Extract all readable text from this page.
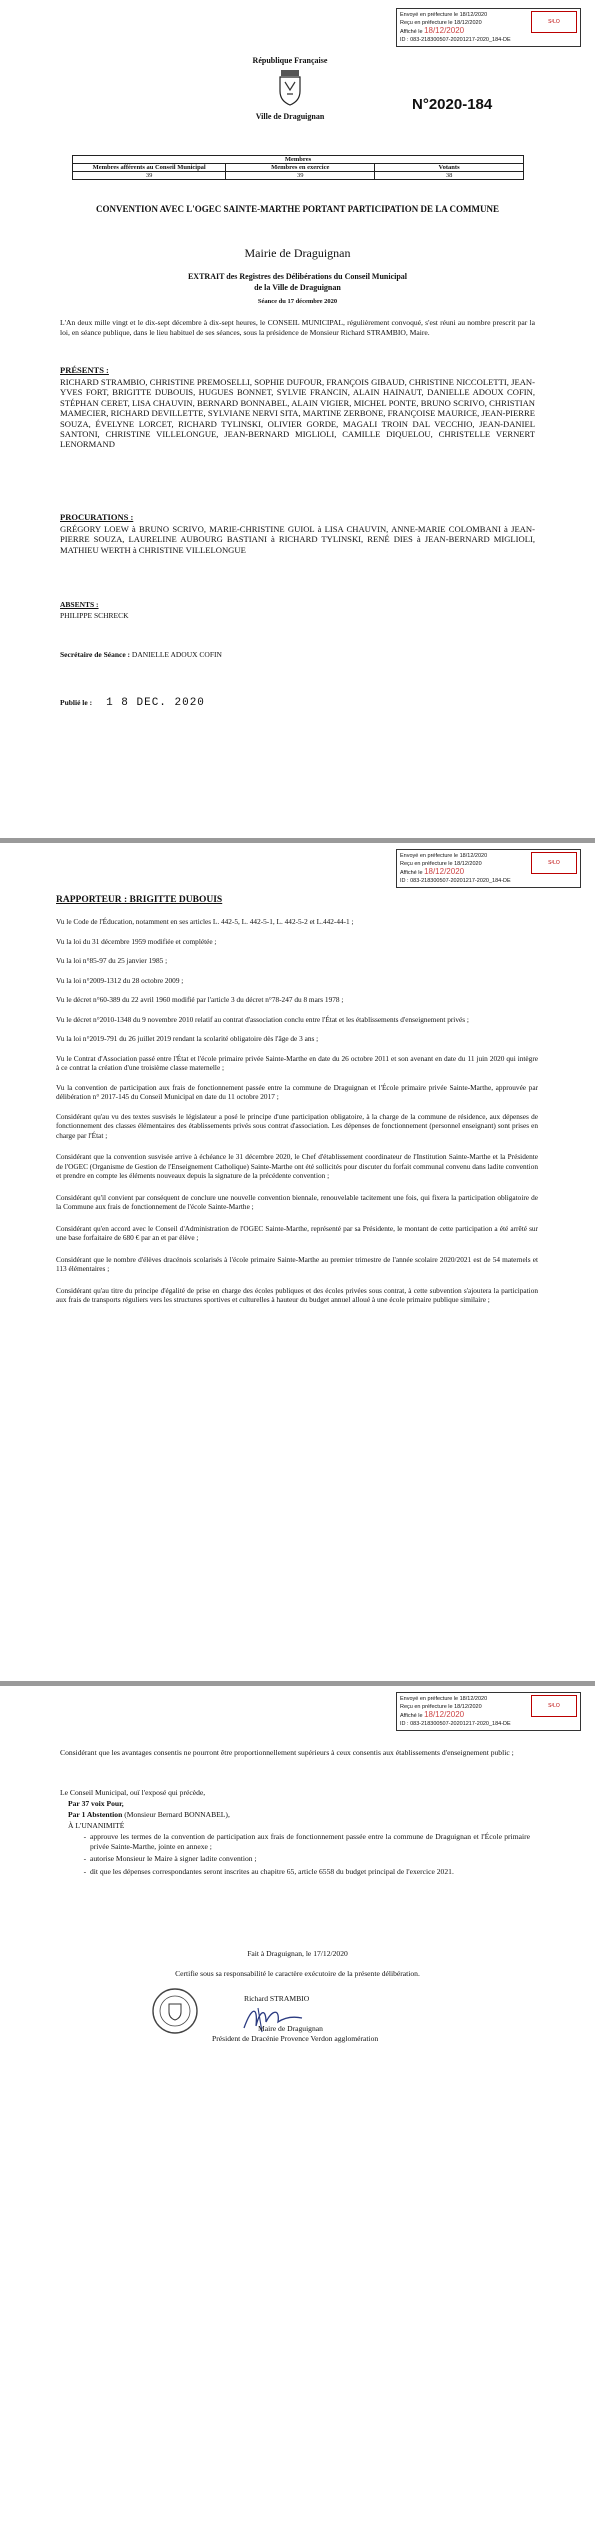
Envoyé en préfecture le 18/12/2020
Reçu en préfecture le 18/12/2020
Affiché le 18/12/2020
ID : 083-218300507-20201217-2020_184-DE
S²LO
République Française
Ville de Draguignan
N°2020-184
Membres		
Membres afférents au Conseil Municipal	Membres en exercice	Votants
39	39	38
CONVENTION AVEC L'OGEC SAINTE-MARTHE PORTANT PARTICIPATION DE LA COMMUNE
Mairie de Draguignan
EXTRAIT des Registres des Délibérations du Conseil Municipal
de la Ville de Draguignan
Séance du 17 décembre 2020
L'An deux mille vingt et le dix-sept décembre à dix-sept heures, le CONSEIL MUNICIPAL, régulièrement convoqué, s'est réuni au nombre prescrit par la loi, en séance publique, dans le lieu habituel de ses séances, sous la présidence de Monsieur Richard STRAMBIO, Maire.
PRÉSENTS :
RICHARD STRAMBIO, CHRISTINE PREMOSELLI, SOPHIE DUFOUR, FRANÇOIS GIBAUD, CHRISTINE NICCOLETTI, JEAN-YVES FORT, BRIGITTE DUBOUIS, HUGUES BONNET, SYLVIE FRANCIN, ALAIN HAINAUT, DANIELLE ADOUX COFIN, STÉPHAN CERET, LISA CHAUVIN, BERNARD BONNABEL, ALAIN VIGIER, MICHEL PONTE, BRUNO SCRIVO, CHRISTIAN MAMECIER, RICHARD DEVILLETTE, SYLVIANE NERVI SITA, MARTINE ZERBONE, FRANÇOISE MAURICE, JEAN-PIERRE SOUZA, ÉVELYNE LORCET, RICHARD TYLINSKI, OLIVIER GORDE, MAGALI TROIN DAL VECCHIO, JEAN-DANIEL SANTONI, CHRISTINE VILLELONGUE, JEAN-BERNARD MIGLIOLI, CAMILLE DIQUELOU, CHRISTELLE VERNERT LENORMAND
PROCURATIONS :
GRÉGORY LOEW à BRUNO SCRIVO, MARIE-CHRISTINE GUIOL à LISA CHAUVIN, ANNE-MARIE COLOMBANI à JEAN-PIERRE SOUZA, LAURELINE AUBOURG BASTIANI à RICHARD TYLINSKI, RENÉ DIES à JEAN-BERNARD MIGLIOLI, MATHIEU WERTH à CHRISTINE VILLELONGUE
ABSENTS :
PHILIPPE SCHRECK
Secrétaire de Séance : DANIELLE ADOUX COFIN
Publié le : 1 8 DEC. 2020
Envoyé en préfecture le 18/12/2020
Reçu en préfecture le 18/12/2020
Affiché le 18/12/2020
ID : 083-218300507-20201217-2020_184-DE
S²LO
RAPPORTEUR : BRIGITTE DUBOUIS
Vu le Code de l'Éducation, notamment en ses articles L. 442-5, L. 442-5-1, L. 442-5-2 et L.442-44-1 ;
Vu la loi du 31 décembre 1959 modifiée et complétée ;
Vu la loi n°85-97 du 25 janvier 1985 ;
Vu la loi n°2009-1312 du 28 octobre 2009 ;
Vu le décret n°60-389 du 22 avril 1960 modifié par l'article 3 du décret n°78-247 du 8 mars 1978 ;
Vu le décret n°2010-1348 du 9 novembre 2010 relatif au contrat d'association conclu entre l'État et les établissements d'enseignement privés ;
Vu la loi n°2019-791 du 26 juillet 2019 rendant la scolarité obligatoire dès l'âge de 3 ans ;
Vu le Contrat d'Association passé entre l'État et l'école primaire privée Sainte-Marthe en date du 26 octobre 2011 et son avenant en date du 11 juin 2020 qui intègre à ce contrat la création d'une troisième classe maternelle ;
Vu la convention de participation aux frais de fonctionnement passée entre la commune de Draguignan et l'École primaire privée Sainte-Marthe, approuvée par délibération n° 2017-145 du Conseil Municipal en date du 11 octobre 2017 ;
Considérant qu'au vu des textes susvisés le législateur a posé le principe d'une participation obligatoire, à la charge de la commune de résidence, aux dépenses de fonctionnement des classes élémentaires des établissements privés sous contrat d'association. Les dépenses de fonctionnement (personnel enseignant) sont prises en charge par l'État ;
Considérant que la convention susvisée arrive à échéance le 31 décembre 2020, le Chef d'établissement coordinateur de l'Institution Sainte-Marthe et la Présidente de l'OGEC (Organisme de Gestion de l'Enseignement Catholique) Sainte-Marthe ont été sollicités pour discuter du forfait communal convenu dans ladite convention et prendre en compte les éléments nouveaux depuis la signature de la précédente convention ;
Considérant qu'il convient par conséquent de conclure une nouvelle convention biennale, renouvelable tacitement une fois, qui fixera la participation obligatoire de la Commune aux frais de fonctionnement de l'école Sainte-Marthe ;
Considérant qu'en accord avec le Conseil d'Administration de l'OGEC Sainte-Marthe, représenté par sa Présidente, le montant de cette participation a été arrêté sur une base forfaitaire de 680 € par an et par élève ;
Considérant que le nombre d'élèves dracénois scolarisés à l'école primaire Sainte-Marthe au premier trimestre de l'année scolaire 2020/2021 est de 54 maternels et 113 élémentaires ;
Considérant qu'au titre du principe d'égalité de prise en charge des écoles publiques et des écoles privées sous contrat, à cette subvention s'ajoutera la participation aux frais de transports réguliers vers les structures sportives et culturelles à hauteur du budget annuel alloué à une école primaire publique similaire ;
Envoyé en préfecture le 18/12/2020
Reçu en préfecture le 18/12/2020
Affiché le 18/12/2020
ID : 083-218300507-20201217-2020_184-DE
S²LO
Considérant que les avantages consentis ne pourront être proportionnellement supérieurs à ceux consentis aux établissements d'enseignement public ;
Le Conseil Municipal, ouï l'exposé qui précède,
Par 37 voix Pour,
Par 1 Abstention (Monsieur Bernard BONNABEL),
À L'UNANIMITÉ
- approuve les termes de la convention de participation aux frais de fonctionnement passée entre la commune de Draguignan et l'École primaire privée Sainte-Marthe, jointe en annexe ;
- autorise Monsieur le Maire à signer ladite convention ;
- dit que les dépenses correspondantes seront inscrites au chapitre 65, article 6558 du budget principal de l'exercice 2021.
Fait à Draguignan, le 17/12/2020
Certifie sous sa responsabilité le caractère exécutoire de la présente délibération.
Richard STRAMBIO
Maire de Draguignan
Président de Dracénie Provence Verdon agglomération
